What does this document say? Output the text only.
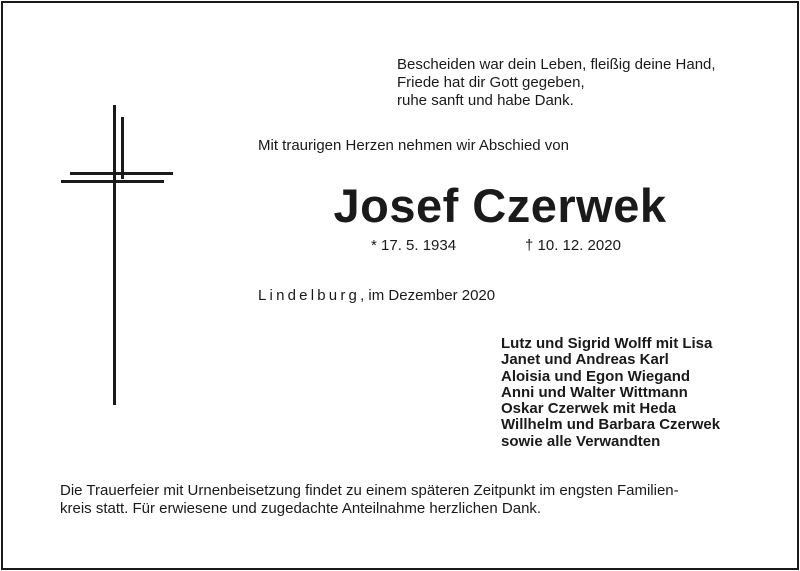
Bescheiden war dein Leben, fleißig deine Hand,
Friede hat dir Gott gegeben,
ruhe sanft und habe Dank.
Mit traurigen Herzen nehmen wir Abschied von
Josef Czerwek
* 17. 5. 1934	† 10. 12. 2020
Lindelburg, im Dezember 2020
Lutz und Sigrid Wolff mit Lisa
Janet und Andreas Karl
Aloisia und Egon Wiegand
Anni und Walter Wittmann
Oskar Czerwek mit Heda
Willhelm und Barbara Czerwek
sowie alle Verwandten
Die Trauerfeier mit Urnenbeisetzung findet zu einem späteren Zeitpunkt im engsten Familien-
kreis statt. Für erwiesene und zugedachte Anteilnahme herzlichen Dank.
